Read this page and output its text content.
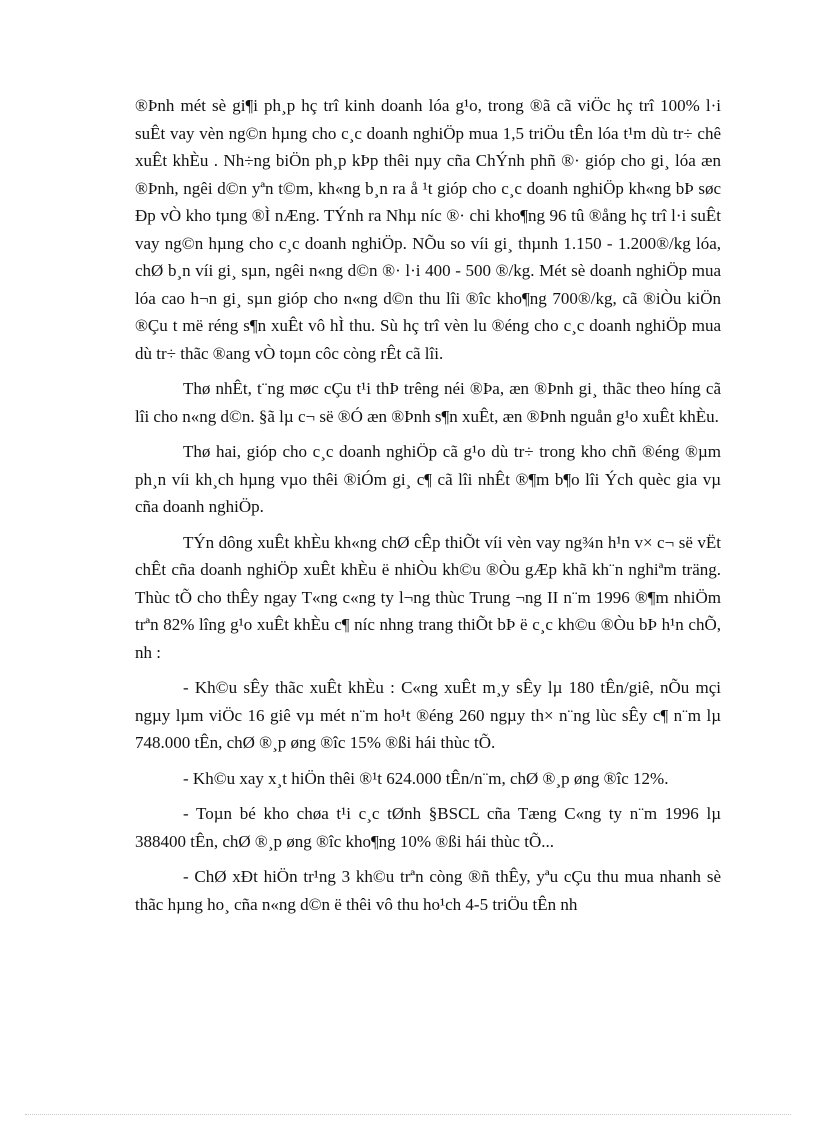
®Þnh mét sè gi¶i ph¸p hç trî kinh doanh lóa g¹o, trong ®ã cã viÖc hç trî 100% l·i suÊt vay vèn ng©n hµng cho c¸c doanh nghiÖp mua 1,5 triÖu tÊn lóa t¹m dù tr÷ chê xuÊt khÈu . Nh÷ng biÖn ph¸p kÞp thêi nµy cña ChÝnh phñ ®· gióp cho gi¸ lóa æn ®Þnh, ngêi d©n yªn t©m, kh«ng b¸n ra å ¹t gióp cho c¸c doanh nghiÖp kh«ng bÞ søc Ðp vÒ kho tµng ®Ì nÆng. TÝnh ra Nhµ níc ®· chi kho¶ng 96 tû ®ång hç trî l·i suÊt vay ng©n hµng cho c¸c doanh nghiÖp. NÕu so víi gi¸ thµnh 1.150 - 1.200®/kg lóa, chØ b¸n víi gi¸ sµn, ngêi n«ng d©n ®· l·i 400 - 500 ®/kg. Mét sè doanh nghiÖp mua lóa cao h¬n gi¸ sµn gióp cho n«ng d©n thu lîi ®îc kho¶ng 700®/kg, cã ®iÒu kiÖn ®Çu t më réng s¶n xuÊt vô hÌ thu. Sù hç trî vèn lu ®éng cho c¸c doanh nghiÖp mua dù tr÷ thãc ®ang vÒ toµn côc còng rÊt cã lîi.

Thø nhÊt, t¨ng møc cÇu t¹i thÞ trêng néi ®Þa, æn ®Þnh gi¸ thãc theo híng cã lîi cho n«ng d©n. §ã lµ c¬ së ®Ó æn ®Þnh s¶n xuÊt, æn ®Þnh nguån g¹o xuÊt khÈu.

Thø hai, gióp cho c¸c doanh nghiÖp cã g¹o dù tr÷ trong kho chñ ®éng ®µm ph¸n víi kh¸ch hµng vµo thêi ®iÓm gi¸ c¶ cã lîi nhÊt ®¶m b¶o lîi Ých quèc gia vµ cña doanh nghiÖp.

TÝn dông xuÊt khÈu kh«ng chØ cÊp thiÕt víi vèn vay ng¾n h¹n v× c¬ së vËt chÊt cña doanh nghiÖp xuÊt khÈu ë nhiÒu kh©u ®Òu gÆp khã kh¨n nghiªm träng. Thùc tÕ cho thÊy ngay T«ng c«ng ty l¬ng thùc Trung ¬ng II n¨m 1996 ®¶m nhiÖm trªn 82% lîng g¹o xuÊt khÈu c¶ níc nhng trang thiÕt bÞ ë c¸c kh©u ®Òu bÞ h¹n chÕ, nh :

- Kh©u sÊy thãc xuÊt khÈu : C«ng xuÊt m¸y sÊy lµ 180 tÊn/giê, nÕu mçi ngµy lµm viÖc 16 giê vµ mét n¨m ho¹t ®éng 260 ngµy th× n¨ng lùc sÊy c¶ n¨m lµ 748.000 tÊn, chØ ®¸p øng ®îc 15% ®ßi hái thùc tÕ.

- Kh©u xay x¸t hiÖn thêi ®¹t 624.000 tÊn/n¨m, chØ ®¸p øng ®îc 12%.

- Toµn bé kho chøa t¹i c¸c tØnh §BSCL cña Tæng C«ng ty n¨m 1996 lµ 388400 tÊn, chØ ®¸p øng ®îc kho¶ng 10% ®ßi hái thùc tÕ...

- ChØ xÐt hiÖn tr¹ng 3 kh©u trªn còng ®ñ thÊy, yªu cÇu thu mua nhanh sè thãc hµng ho¸ cña n«ng d©n ë thêi vô thu ho¹ch 4-5 triÖu tÊn nh
